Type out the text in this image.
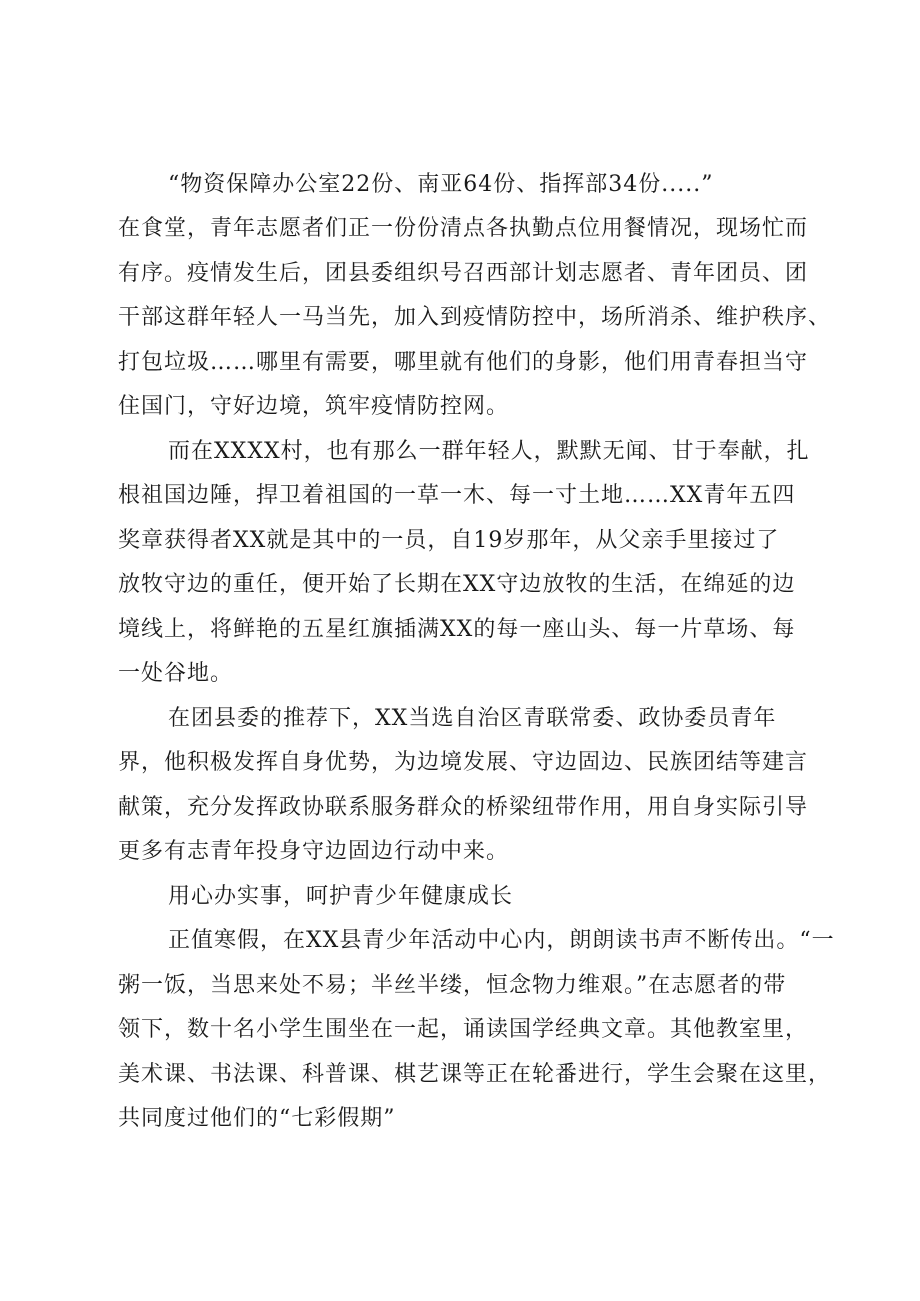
“物资保障办公室22份、南亚64份、指挥部34份.....”
在食堂，青年志愿者们正一份份清点各执勤点位用餐情况，现场忙而
有序。疫情发生后，团县委组织号召西部计划志愿者、青年团员、团
干部这群年轻人一马当先，加入到疫情防控中，场所消杀、维护秩序、
打包垃圾……哪里有需要，哪里就有他们的身影，他们用青春担当守
住国门，守好边境，筑牢疫情防控网。
而在XXXX村，也有那么一群年轻人，默默无闻、甘于奉献，扎
根祖国边陲，捍卫着祖国的一草一木、每一寸土地……XX青年五四
奖章获得者XX就是其中的一员，自19岁那年，从父亲手里接过了
放牧守边的重任，便开始了长期在XX守边放牧的生活，在绵延的边
境线上，将鲜艳的五星红旗插满XX的每一座山头、每一片草场、每
一处谷地。
在团县委的推荐下，XX当选自治区青联常委、政协委员青年
界，他积极发挥自身优势，为边境发展、守边固边、民族团结等建言
献策，充分发挥政协联系服务群众的桥梁纽带作用，用自身实际引导
更多有志青年投身守边固边行动中来。
用心办实事，呵护青少年健康成长
正值寒假，在XX县青少年活动中心内，朗朗读书声不断传出。“一
粥一饭，当思来处不易；半丝半缕，恒念物力维艰。”在志愿者的带
领下，数十名小学生围坐在一起，诵读国学经典文章。其他教室里，
美术课、书法课、科普课、棋艺课等正在轮番进行，学生会聚在这里，
共同度过他们的“七彩假期”
